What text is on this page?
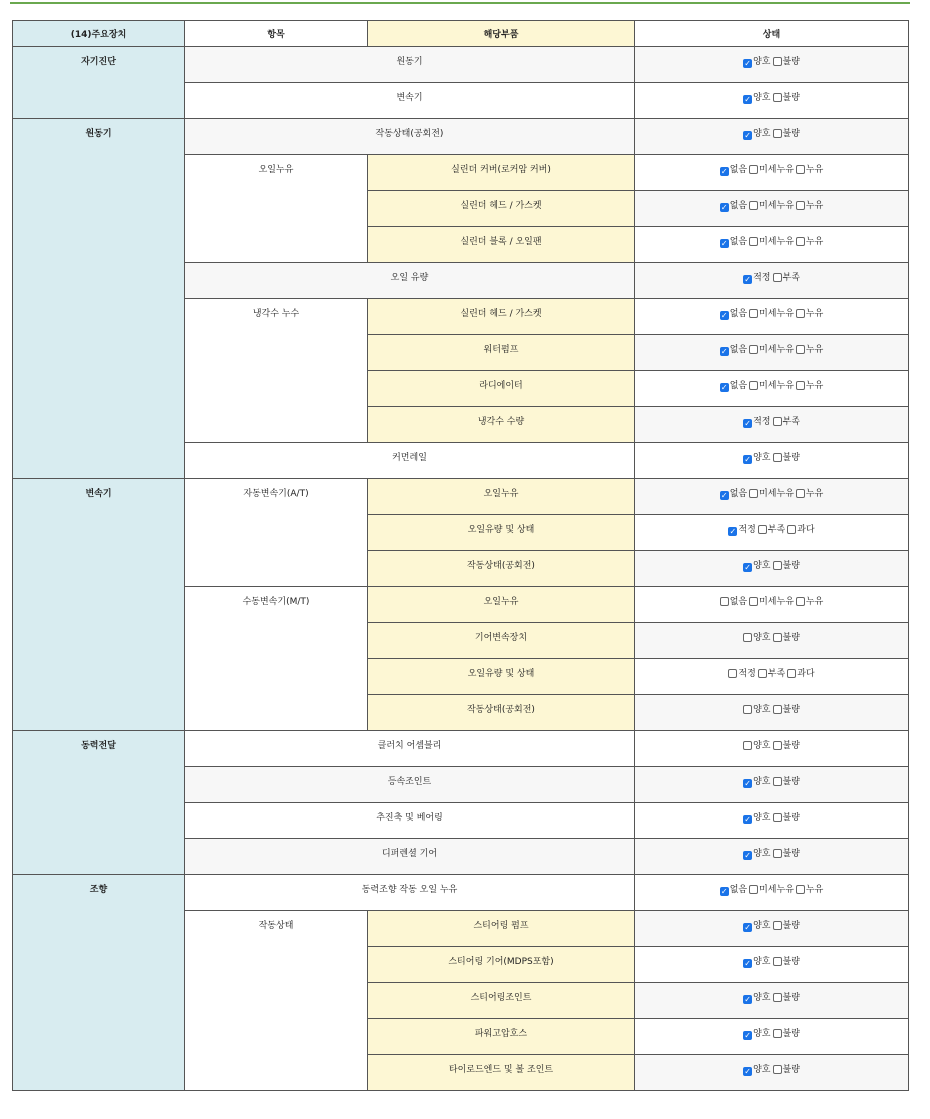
(14)주요장치	항목	해당부품	상태
자기진단	원동기		✓ 양호 불량
	변속기		✓ 양호 불량
원동기	작동상태(공회전)		✓ 양호 불량
	오일누유	실린더 커버(로커암 커버)	✓ 없음 미세누유 누유
		실린더 헤드 / 가스켓	✓ 없음 미세누유 누유
		실린더 블록 / 오일팬	✓ 없음 미세누유 누유
	오일 유량		✓ 적정 부족
	냉각수 누수	실린더 헤드 / 가스켓	✓ 없음 미세누유 누유
		워터펌프	✓ 없음 미세누유 누유
		라디에이터	✓ 없음 미세누유 누유
		냉각수 수량	✓ 적정 부족
	커먼레일		✓ 양호 불량
변속기	자동변속기(A/T)	오일누유	✓ 없음 미세누유 누유
		오일유량 및 상태	✓ 적정 부족 과다
		작동상태(공회전)	✓ 양호 불량
	수동변속기(M/T)	오일누유	없음 미세누유 누유
		기어변속장치	양호 불량
		오일유량 및 상태	적정 부족 과다
		작동상태(공회전)	양호 불량
동력전달	클러치 어셈블리		양호 불량
	등속조인트		✓ 양호 불량
	추진축 및 베어링		✓ 양호 불량
	디퍼렌셜 기어		✓ 양호 불량
조향	동력조향 작동 오일 누유		✓ 없음 미세누유 누유
	작동상태	스티어링 펌프	✓ 양호 불량
		스티어링 기어(MDPS포함)	✓ 양호 불량
		스티어링조인트	✓ 양호 불량
		파워고압호스	✓ 양호 불량
		타이로드엔드 및 볼 조인트	✓ 양호 불량
